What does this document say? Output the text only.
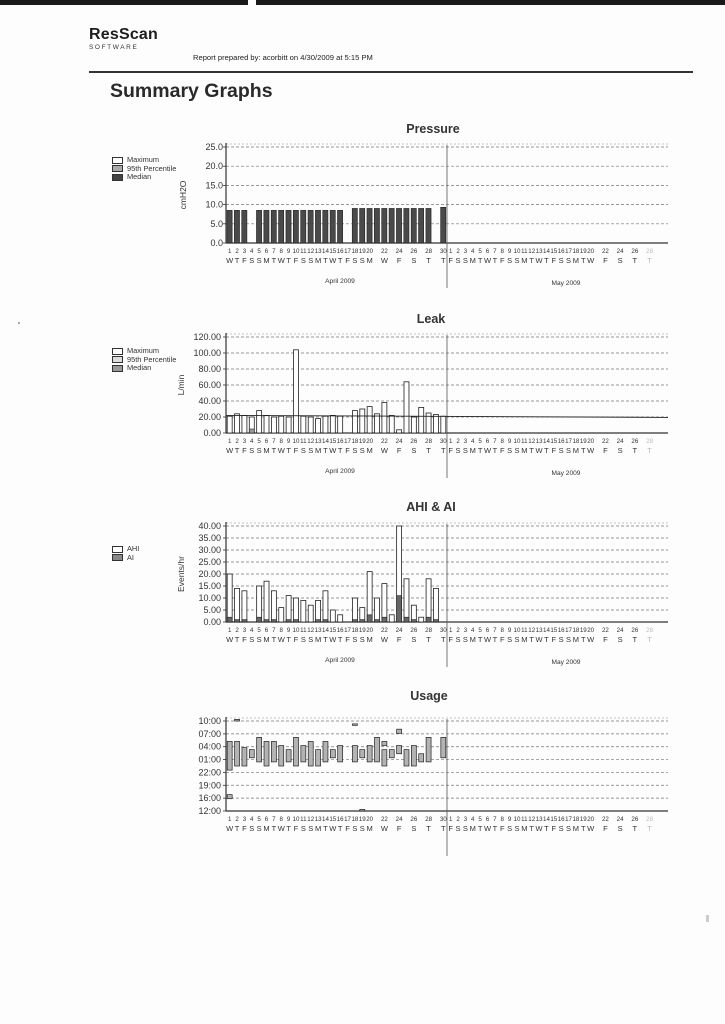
ResScan
SOFTWARE
Report prepared by: acorbitt on 4/30/2009 at 5:15 PM
Summary Graphs
Pressure
Leak
AHI & AI
Usage
Maximum
95th Percentile
Median
Maximum
95th Percentile
Median
AHI
AI
25.0
20.0
15.0
10.0
5.0
0.0
cmH2O
1
W
2
T
3
F
4
S
5
S
6
M
7
T
8
W
9
T
10
F
11
S
12
S
13
M
14
T
15
W
16
T
17
F
18
S
19
S
20
M
22
W
24
F
26
S
28
T
30
T
1
F
2
S
3
S
4
M
5
T
6
W
7
T
8
F
9
S
10
S
11
M
12
T
13
W
14
T
15
F
16
S
17
S
18
M
19
T
20
W
22
F
24
S
26
T
28
T
April 2009	May 2009
120.00
100.00
80.00
60.00
40.00
20.00
0.00
L/min
1
W
2
T
3
F
4
S
5
S
6
M
7
T
8
W
9
T
10
F
11
S
12
S
13
M
14
T
15
W
16
T
17
F
18
S
19
S
20
M
22
W
24
F
26
S
28
T
30
T
1
F
2
S
3
S
4
M
5
T
6
W
7
T
8
F
9
S
10
S
11
M
12
T
13
W
14
T
15
F
16
S
17
S
18
M
19
T
20
W
22
F
24
S
26
T
28
T
April 2009	May 2009
40.00
35.00
30.00
25.00
20.00
15.00
10.00
5.00
0.00
Events/hr
1
W
2
T
3
F
4
S
5
S
6
M
7
T
8
W
9
T
10
F
11
S
12
S
13
M
14
T
15
W
16
T
17
F
18
S
19
S
20
M
22
W
24
F
26
S
28
T
30
T
1
F
2
S
3
S
4
M
5
T
6
W
7
T
8
F
9
S
10
S
11
M
12
T
13
W
14
T
15
F
16
S
17
S
18
M
19
T
20
W
22
F
24
S
26
T
28
T
April 2009	May 2009
10:00
07:00
04:00
01:00
22:00
19:00
16:00
12:00
1
W
2
T
3
F
4
S
5
S
6
M
7
T
8
W
9
T
10
F
11
S
12
S
13
M
14
T
15
W
16
T
17
F
18
S
19
S
20
M
22
W
24
F
26
S
28
T
30
T
1
F
2
S
3
S
4
M
5
T
6
W
7
T
8
F
9
S
10
S
11
M
12
T
13
W
14
T
15
F
16
S
17
S
18
M
19
T
20
W
22
F
24
S
26
T
28
T
